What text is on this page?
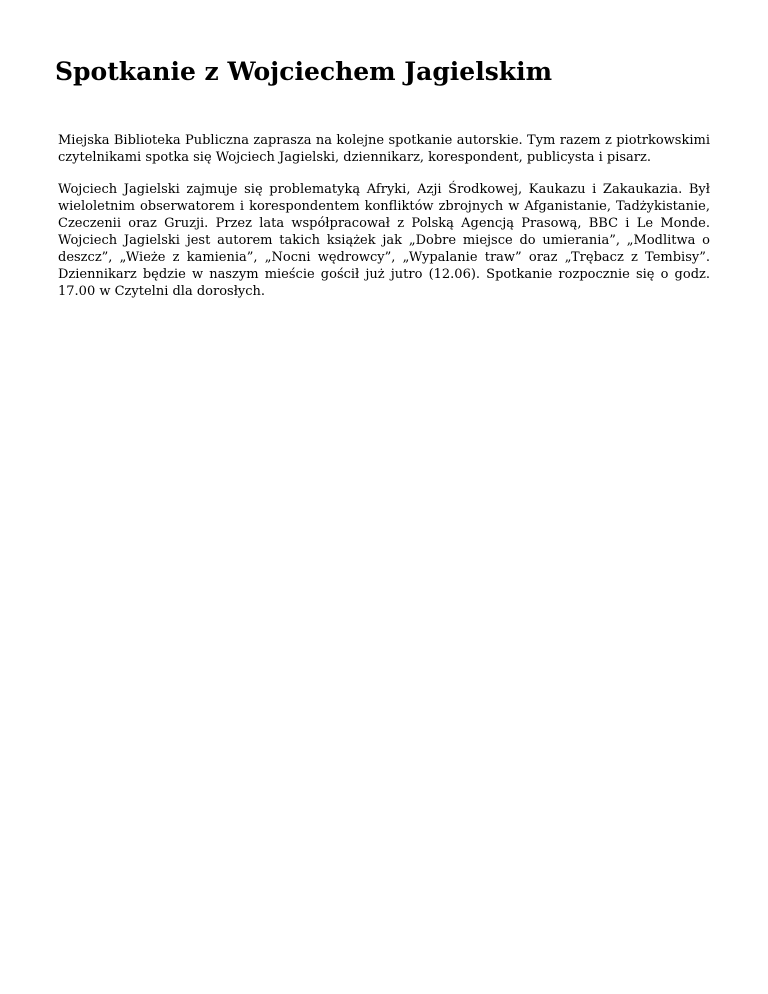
Spotkanie z Wojciechem Jagielskim

Miejska Biblioteka Publiczna zaprasza na kolejne spotkanie autorskie. Tym razem z piotrkowskimi czytelnikami spotka się Wojciech Jagielski, dziennikarz, korespondent, publicysta i pisarz.

Wojciech Jagielski zajmuje się problematyką Afryki, Azji Środkowej, Kaukazu i Zakaukazia. Był wieloletnim obserwatorem i korespondentem konfliktów zbrojnych w Afganistanie, Tadżykistanie, Czeczenii oraz Gruzji. Przez lata współpracował z Polską Agencją Prasową, BBC i Le Monde. Wojciech Jagielski jest autorem takich książek jak „Dobre miejsce do umierania”, „Modlitwa o deszcz”, „Wieże z kamienia”, „Nocni wędrowcy”, „Wypalanie traw” oraz „Trębacz z Tembisy”. Dziennikarz będzie w naszym mieście gościł już jutro (12.06). Spotkanie rozpocznie się o godz. 17.00 w Czytelni dla dorosłych.
